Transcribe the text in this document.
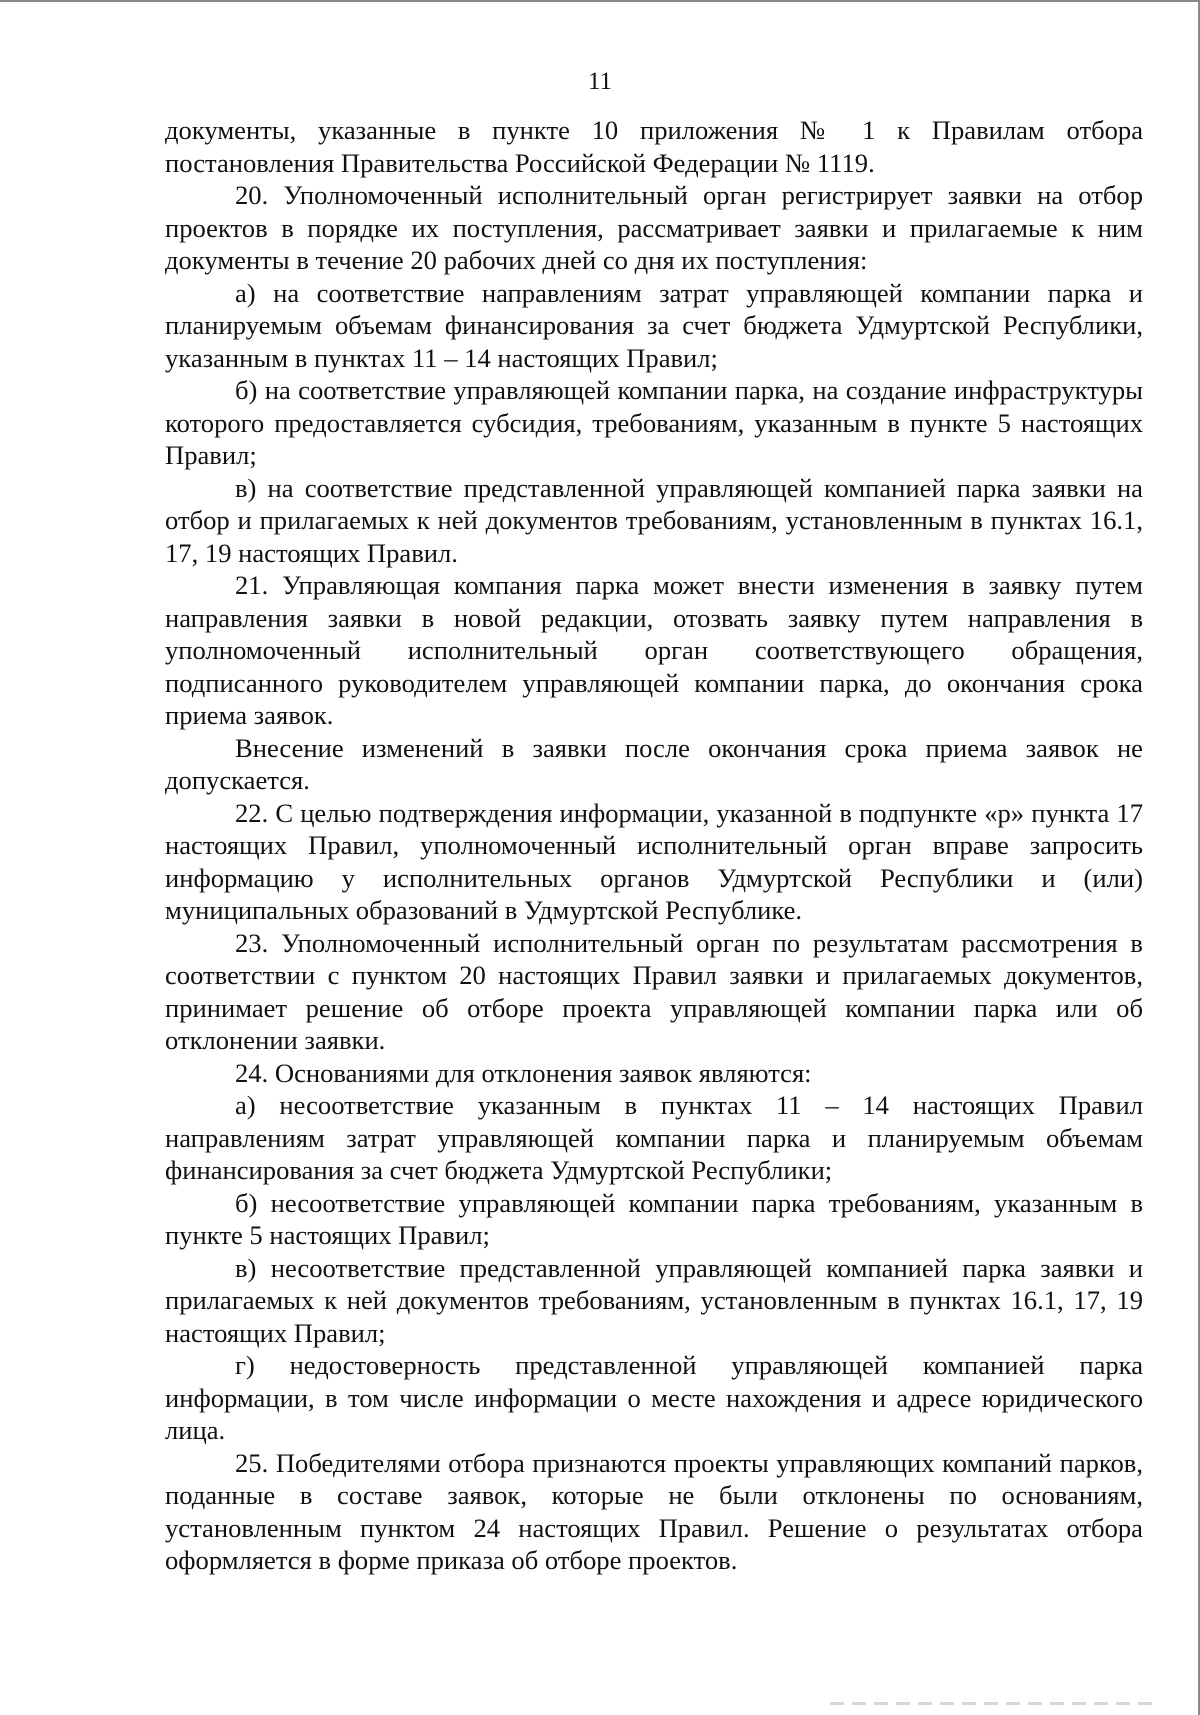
11

документы, указанные в пункте 10 приложения № 1 к Правилам отбора постановления Правительства Российской Федерации № 1119.

20. Уполномоченный исполнительный орган регистрирует заявки на отбор проектов в порядке их поступления, рассматривает заявки и прилагаемые к ним документы в течение 20 рабочих дней со дня их поступления:

а) на соответствие направлениям затрат управляющей компании парка и планируемым объемам финансирования за счет бюджета Удмуртской Республики, указанным в пунктах 11 – 14 настоящих Правил;

б) на соответствие управляющей компании парка, на создание инфраструктуры которого предоставляется субсидия, требованиям, указанным в пункте 5 настоящих Правил;

в) на соответствие представленной управляющей компанией парка заявки на отбор и прилагаемых к ней документов требованиям, установленным в пунктах 16.1, 17, 19 настоящих Правил.

21. Управляющая компания парка может внести изменения в заявку путем направления заявки в новой редакции, отозвать заявку путем направления в уполномоченный исполнительный орган соответствующего обращения, подписанного руководителем управляющей компании парка, до окончания срока приема заявок.

Внесение изменений в заявки после окончания срока приема заявок не допускается.

22. С целью подтверждения информации, указанной в подпункте «р» пункта 17 настоящих Правил, уполномоченный исполнительный орган вправе запросить информацию у исполнительных органов Удмуртской Республики и (или) муниципальных образований в Удмуртской Республике.

23. Уполномоченный исполнительный орган по результатам рассмотрения в соответствии с пунктом 20 настоящих Правил заявки и прилагаемых документов, принимает решение об отборе проекта управляющей компании парка или об отклонении заявки.

24. Основаниями для отклонения заявок являются:

а) несоответствие указанным в пунктах 11 – 14 настоящих Правил направлениям затрат управляющей компании парка и планируемым объемам финансирования за счет бюджета Удмуртской Республики;

б) несоответствие управляющей компании парка требованиям, указанным в пункте 5 настоящих Правил;

в) несоответствие представленной управляющей компанией парка заявки и прилагаемых к ней документов требованиям, установленным в пунктах 16.1, 17, 19 настоящих Правил;

г) недостоверность представленной управляющей компанией парка информации, в том числе информации о месте нахождения и адресе юридического лица.

25. Победителями отбора признаются проекты управляющих компаний парков, поданные в составе заявок, которые не были отклонены по основаниям, установленным пунктом 24 настоящих Правил. Решение о результатах отбора оформляется в форме приказа об отборе проектов.
